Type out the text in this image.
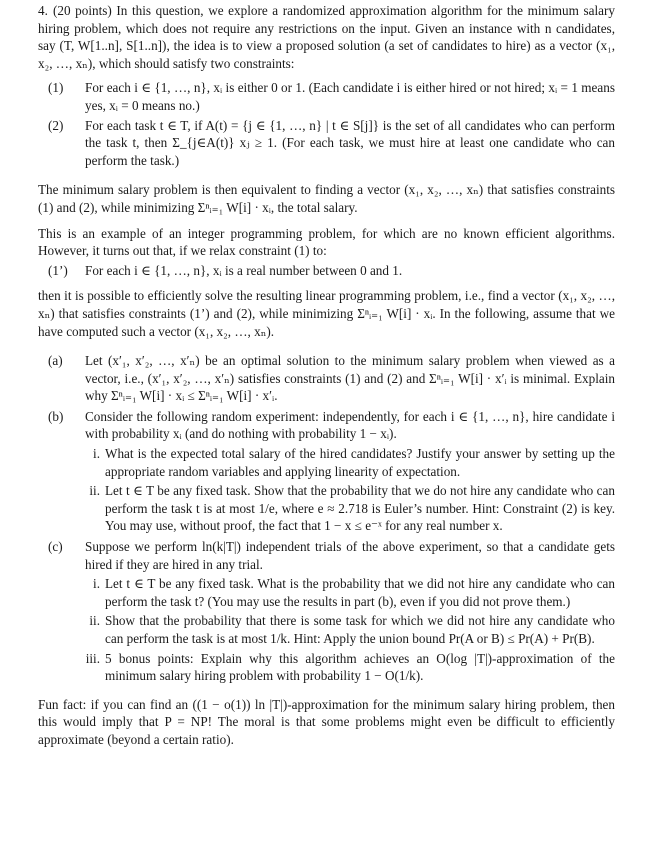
4. (20 points) In this question, we explore a randomized approximation algorithm for the minimum salary hiring problem, which does not require any restrictions on the input. Given an instance with n candidates, say (T, W[1..n], S[1..n]), the idea is to view a proposed solution (a set of candidates to hire) as a vector (x₁, x₂, …, xₙ), which should satisfy two constraints:

(1) For each i ∈ {1, …, n}, xᵢ is either 0 or 1. (Each candidate i is either hired or not hired; xᵢ = 1 means yes, xᵢ = 0 means no.)

(2) For each task t ∈ T, if A(t) = {j ∈ {1, …, n} | t ∈ S[j]} is the set of all candidates who can perform the task t, then Σ_{j∈A(t)} xⱼ ≥ 1. (For each task, we must hire at least one candidate who can perform the task.)

The minimum salary problem is then equivalent to finding a vector (x₁, x₂, …, xₙ) that satisfies constraints (1) and (2), while minimizing Σⁿᵢ₌₁ W[i] · xᵢ, the total salary.

This is an example of an integer programming problem, for which are no known efficient algorithms. However, it turns out that, if we relax constraint (1) to:

(1’) For each i ∈ {1, …, n}, xᵢ is a real number between 0 and 1.

then it is possible to efficiently solve the resulting linear programming problem, i.e., find a vector (x₁, x₂, …, xₙ) that satisfies constraints (1’) and (2), while minimizing Σⁿᵢ₌₁ W[i] · xᵢ. In the following, assume that we have computed such a vector (x₁, x₂, …, xₙ).

(a) Let (x′₁, x′₂, …, x′ₙ) be an optimal solution to the minimum salary problem when viewed as a vector, i.e., (x′₁, x′₂, …, x′ₙ) satisfies constraints (1) and (2) and Σⁿᵢ₌₁ W[i] · x′ᵢ is minimal. Explain why Σⁿᵢ₌₁ W[i] · xᵢ ≤ Σⁿᵢ₌₁ W[i] · x′ᵢ.

(b) Consider the following random experiment: independently, for each i ∈ {1, …, n}, hire candidate i with probability xᵢ (and do nothing with probability 1 − xᵢ).

i. What is the expected total salary of the hired candidates? Justify your answer by setting up the appropriate random variables and applying linearity of expectation.

ii. Let t ∈ T be any fixed task. Show that the probability that we do not hire any candidate who can perform the task t is at most 1/e, where e ≈ 2.718 is Euler’s number. Hint: Constraint (2) is key. You may use, without proof, the fact that 1 − x ≤ e⁻ˣ for any real number x.

(c) Suppose we perform ln(k|T|) independent trials of the above experiment, so that a candidate gets hired if they are hired in any trial.

i. Let t ∈ T be any fixed task. What is the probability that we did not hire any candidate who can perform the task t? (You may use the results in part (b), even if you did not prove them.)

ii. Show that the probability that there is some task for which we did not hire any candidate who can perform the task is at most 1/k. Hint: Apply the union bound Pr(A or B) ≤ Pr(A) + Pr(B).

iii. 5 bonus points: Explain why this algorithm achieves an O(log |T|)-approximation of the minimum salary hiring problem with probability 1 − O(1/k).

Fun fact: if you can find an ((1 − o(1)) ln |T|)-approximation for the minimum salary hiring problem, then this would imply that P = NP! The moral is that some problems might even be difficult to efficiently approximate (beyond a certain ratio).
